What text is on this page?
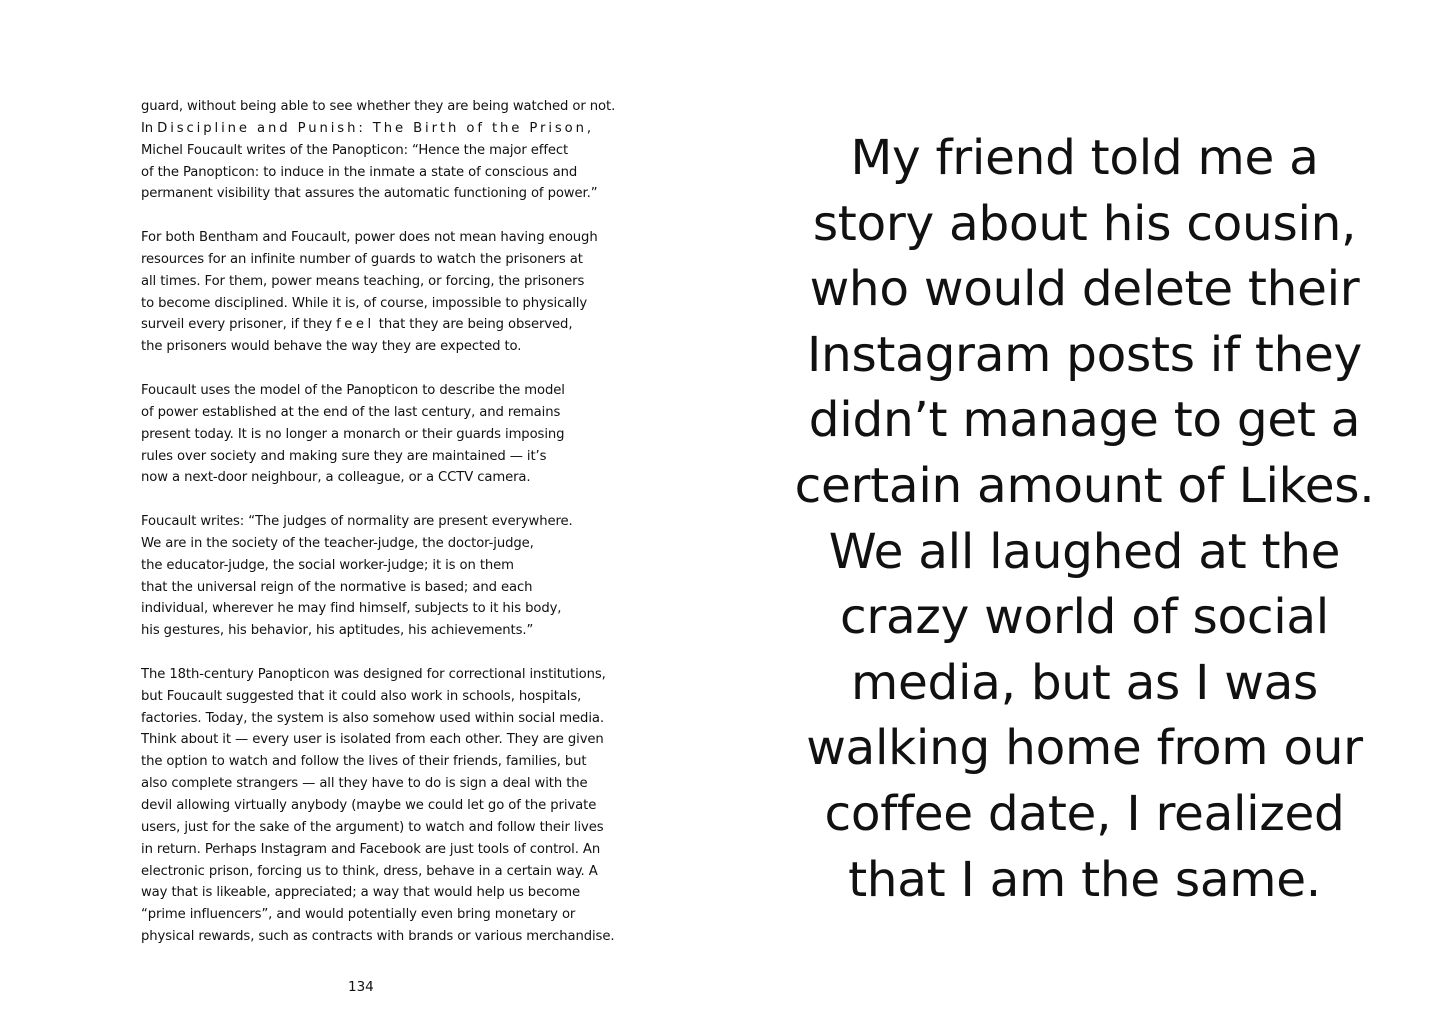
guard, without being able to see whether they are being watched or not.
In Discipline and Punish: The Birth of the Prison,
Michel Foucault writes of the Panopticon: “Hence the major effect
of the Panopticon: to induce in the inmate a state of conscious and
permanent visibility that assures the automatic functioning of power.”
For both Bentham and Foucault, power does not mean having enough
resources for an infinite number of guards to watch the prisoners at
all times. For them, power means teaching, or forcing, the prisoners
to become disciplined. While it is, of course, impossible to physically
surveil every prisoner, if they feel that they are being observed,
the prisoners would behave the way they are expected to.
Foucault uses the model of the Panopticon to describe the model
of power established at the end of the last century, and remains
present today. It is no longer a monarch or their guards imposing
rules over society and making sure they are maintained — it’s
now a next-door neighbour, a colleague, or a CCTV camera.
Foucault writes: “The judges of normality are present everywhere.
We are in the society of the teacher-judge, the doctor-judge,
the educator-judge, the social worker-judge; it is on them
that the universal reign of the normative is based; and each
individual, wherever he may find himself, subjects to it his body,
his gestures, his behavior, his aptitudes, his achievements.”
The 18th-century Panopticon was designed for correctional institutions,
but Foucault suggested that it could also work in schools, hospitals,
factories. Today, the system is also somehow used within social media.
Think about it — every user is isolated from each other. They are given
the option to watch and follow the lives of their friends, families, but
also complete strangers — all they have to do is sign a deal with the
devil allowing virtually anybody (maybe we could let go of the private
users, just for the sake of the argument) to watch and follow their lives
in return. Perhaps Instagram and Facebook are just tools of control. An
electronic prison, forcing us to think, dress, behave in a certain way. A
way that is likeable, appreciated; a way that would help us become
“prime influencers”, and would potentially even bring monetary or
physical rewards, such as contracts with brands or various merchandise.
134
My friend told me a
story about his cousin,
who would delete their
Instagram posts if they
didn’t manage to get a
certain amount of Likes.
We all laughed at the
crazy world of social
media, but as I was
walking home from our
coffee date, I realized
that I am the same.
